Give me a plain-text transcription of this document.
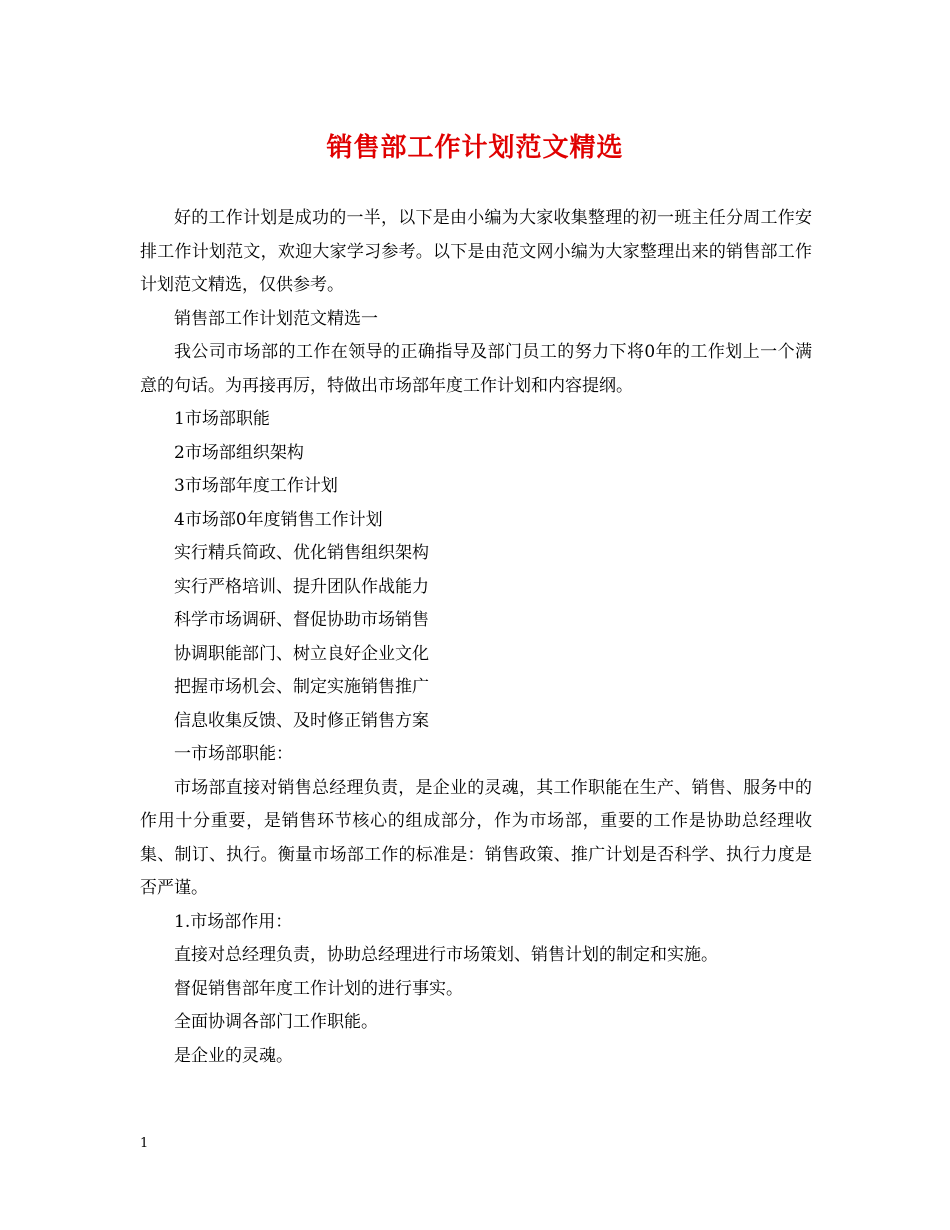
销售部工作计划范文精选

好的工作计划是成功的一半，以下是由小编为大家收集整理的初一班主任分周工作安排工作计划范文，欢迎大家学习参考。以下是由范文网小编为大家整理出来的销售部工作计划范文精选，仅供参考。

销售部工作计划范文精选一

我公司市场部的工作在领导的正确指导及部门员工的努力下将0年的工作划上一个满意的句话。为再接再厉，特做出市场部年度工作计划和内容提纲。

1市场部职能

2市场部组织架构

3市场部年度工作计划

4市场部0年度销售工作计划

实行精兵简政、优化销售组织架构

实行严格培训、提升团队作战能力

科学市场调研、督促协助市场销售

协调职能部门、树立良好企业文化

把握市场机会、制定实施销售推广

信息收集反馈、及时修正销售方案

一市场部职能：

市场部直接对销售总经理负责，是企业的灵魂，其工作职能在生产、销售、服务中的作用十分重要，是销售环节核心的组成部分，作为市场部，重要的工作是协助总经理收集、制订、执行。衡量市场部工作的标准是：销售政策、推广计划是否科学、执行力度是否严谨。

1.市场部作用：

直接对总经理负责，协助总经理进行市场策划、销售计划的制定和实施。

督促销售部年度工作计划的进行事实。

全面协调各部门工作职能。

是企业的灵魂。

1
